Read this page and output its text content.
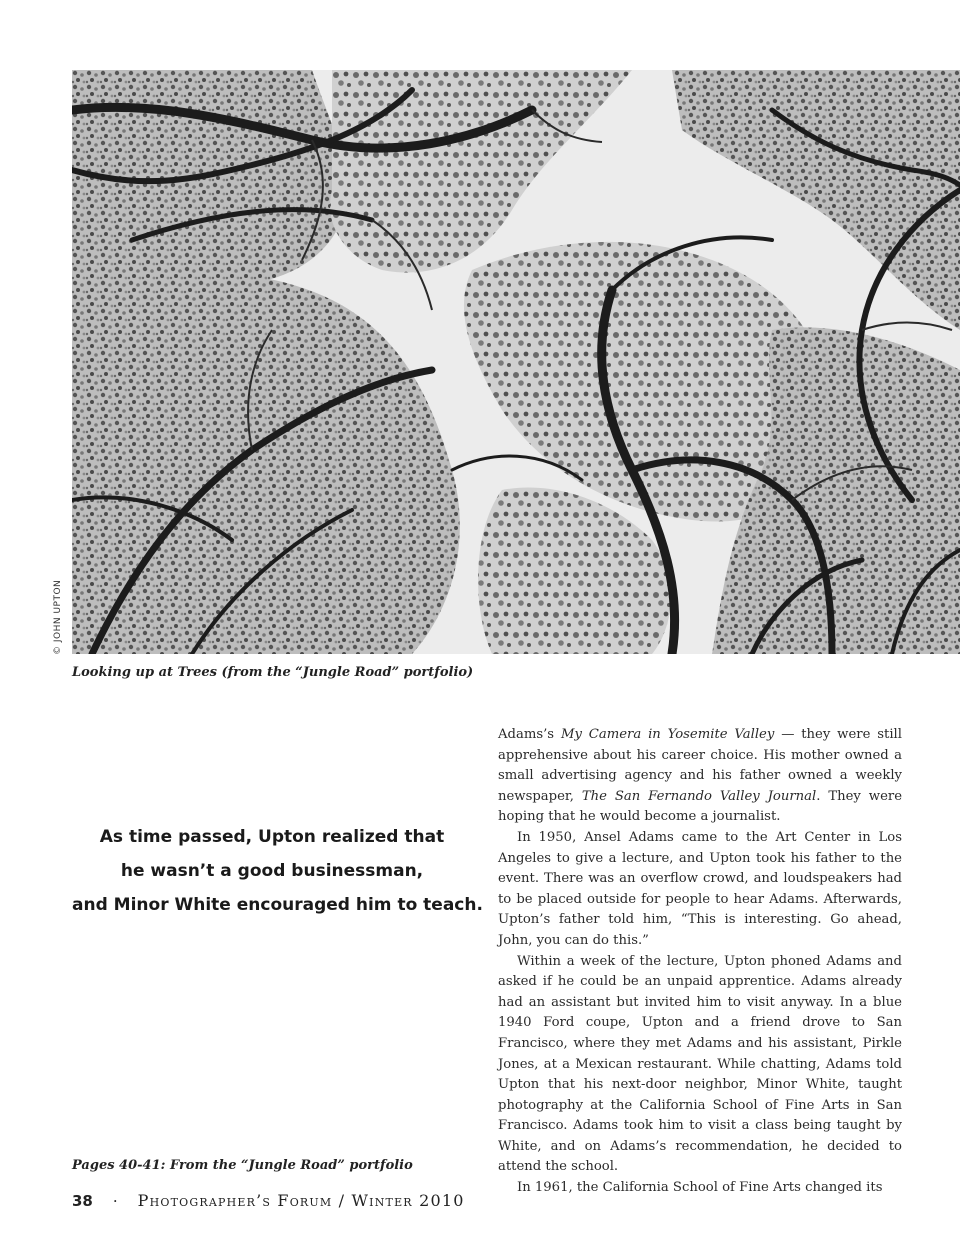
© JOHN UPTON
Looking up at Trees (from the “Jungle Road” portfolio)
As time passed, Upton realized that
he wasn’t a good businessman,
and Minor White encouraged him to teach.

Adams’s My Camera in Yosemite Valley — they were still apprehensive about his career choice. His mother owned a small advertising agency and his father owned a weekly newspaper, The San Fernando Valley Journal. They were hoping that he would become a journalist.

In 1950, Ansel Adams came to the Art Center in Los Angeles to give a lecture, and Upton took his father to the event. There was an overflow crowd, and loudspeakers had to be placed outside for people to hear Adams. Afterwards, Upton’s father told him, “This is interesting. Go ahead, John, you can do this.”

Within a week of the lecture, Upton phoned Adams and asked if he could be an unpaid apprentice. Adams already had an assistant but invited him to visit anyway. In a blue 1940 Ford coupe, Upton and a friend drove to San Francisco, where they met Adams and his assistant, Pirkle Jones, at a Mexican restaurant. While chatting, Adams told Upton that his next-door neighbor, Minor White, taught photography at the California School of Fine Arts in San Francisco. Adams took him to visit a class being taught by White, and on Adams’s recommendation, he decided to attend the school.

In 1961, the California School of Fine Arts changed its

Pages 40-41: From the “Jungle Road” portfolio
38 · Photographer’s Forum / Winter 2010
